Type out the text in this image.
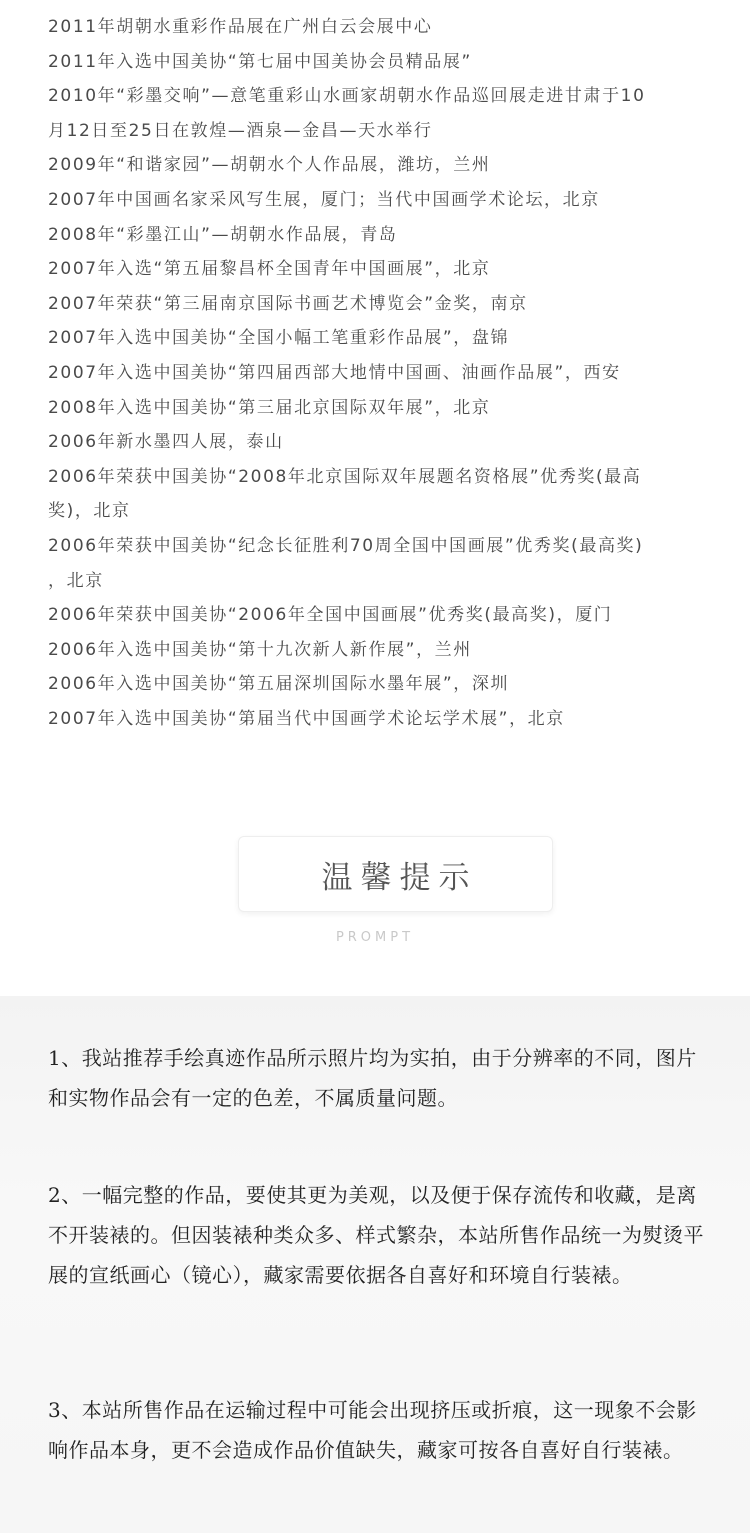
2011年胡朝水重彩作品展在广州白云会展中心
2011年入选中国美协“第七届中国美协会员精品展”
2010年“彩墨交响”—意笔重彩山水画家胡朝水作品巡回展走进甘肃于10
月12日至25日在敦煌—酒泉—金昌—天水举行
2009年“和谐家园”—胡朝水个人作品展，潍坊，兰州
2007年中国画名家采风写生展，厦门；当代中国画学术论坛，北京
2008年“彩墨江山”—胡朝水作品展，青岛
2007年入选“第五届黎昌杯全国青年中国画展”，北京
2007年荣获“第三届南京国际书画艺术博览会”金奖，南京
2007年入选中国美协“全国小幅工笔重彩作品展”，盘锦
2007年入选中国美协“第四届西部大地情中国画、油画作品展”，西安
2008年入选中国美协“第三届北京国际双年展”，北京
2006年新水墨四人展，泰山
2006年荣获中国美协“2008年北京国际双年展题名资格展”优秀奖(最高
奖)，北京
2006年荣获中国美协“纪念长征胜利70周全国中国画展”优秀奖(最高奖)
，北京
2006年荣获中国美协“2006年全国中国画展”优秀奖(最高奖)，厦门
2006年入选中国美协“第十九次新人新作展”，兰州
2006年入选中国美协“第五届深圳国际水墨年展”，深圳
2007年入选中国美协“第届当代中国画学术论坛学术展”，北京
温馨提示
PROMPT
1、我站推荐手绘真迹作品所示照片均为实拍，由于分辨率的不同，图片和实物作品会有一定的色差，不属质量问题。
2、一幅完整的作品，要使其更为美观，以及便于保存流传和收藏，是离不开装裱的。但因装裱种类众多、样式繁杂，本站所售作品统一为熨烫平展的宣纸画心（镜心），藏家需要依据各自喜好和环境自行装裱。
3、本站所售作品在运输过程中可能会出现挤压或折痕，这一现象不会影响作品本身，更不会造成作品价值缺失，藏家可按各自喜好自行装裱。
